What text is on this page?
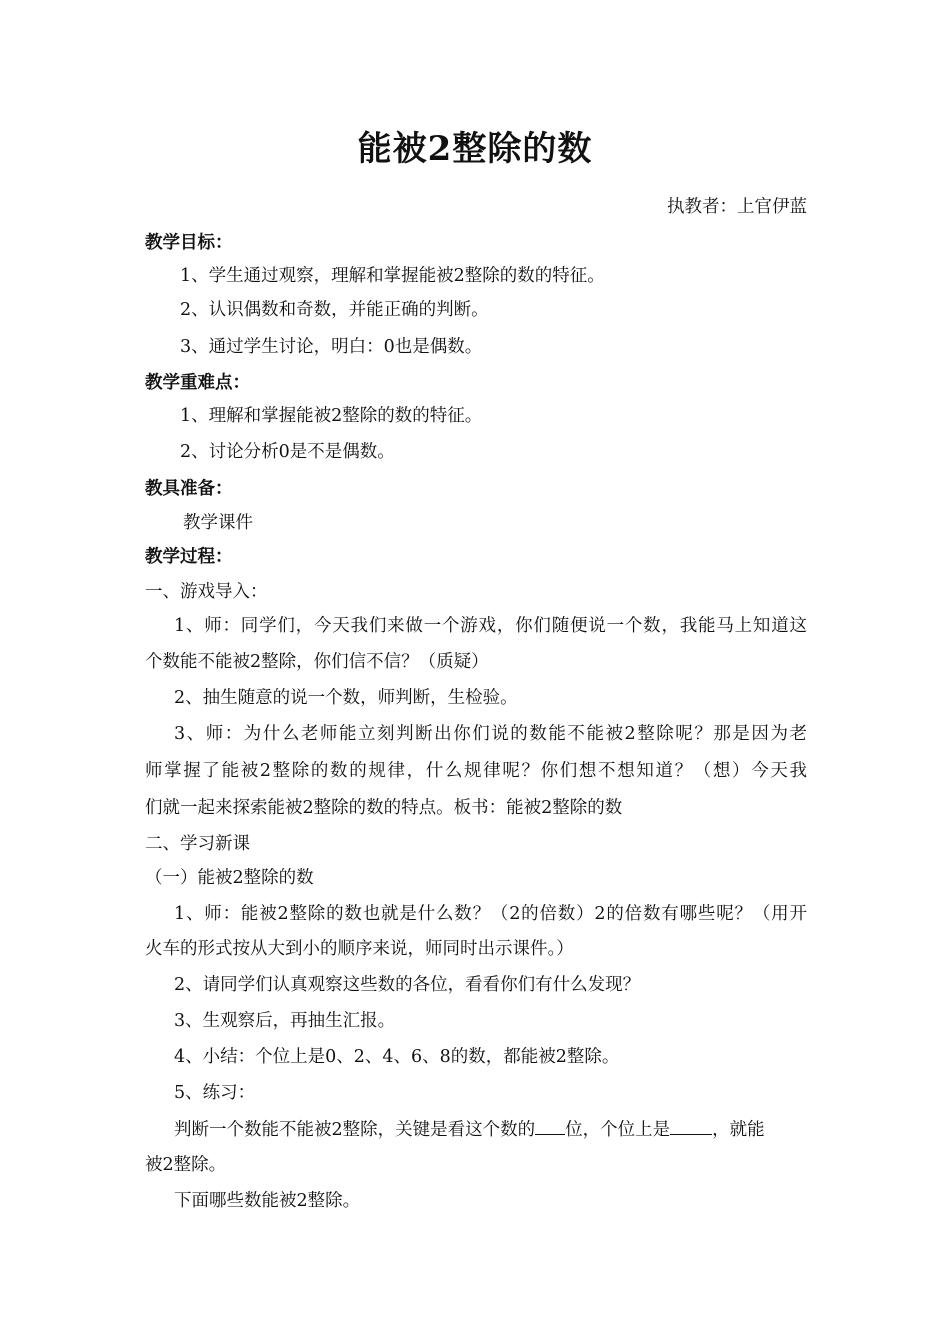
能被2整除的数
执教者：上官伊蓝
教学目标：
1、学生通过观察，理解和掌握能被2整除的数的特征。
2、认识偶数和奇数，并能正确的判断。
3、通过学生讨论，明白：0也是偶数。
教学重难点：
1、理解和掌握能被2整除的数的特征。
2、讨论分析0是不是偶数。
教具准备：
教学课件
教学过程：
一、游戏导入：
1、师：同学们，今天我们来做一个游戏，你们随便说一个数，我能马上知道这
个数能不能被2整除，你们信不信？（质疑）
2、抽生随意的说一个数，师判断，生检验。
3、师：为什么老师能立刻判断出你们说的数能不能被2整除呢？那是因为老
师掌握了能被2整除的数的规律，什么规律呢？你们想不想知道？（想）今天我
们就一起来探索能被2整除的数的特点。板书：能被2整除的数
二、学习新课
（一）能被2整除的数
1、师：能被2整除的数也就是什么数？（2的倍数）2的倍数有哪些呢？（用开
火车的形式按从大到小的顺序来说，师同时出示课件。）
2、请同学们认真观察这些数的各位，看看你们有什么发现？
3、生观察后，再抽生汇报。
4、小结：个位上是0、2、4、6、8的数，都能被2整除。
5、练习：
判断一个数能不能被2整除，关键是看这个数的 位，个位上是 ，就能
被2整除。
下面哪些数能被2整除。
